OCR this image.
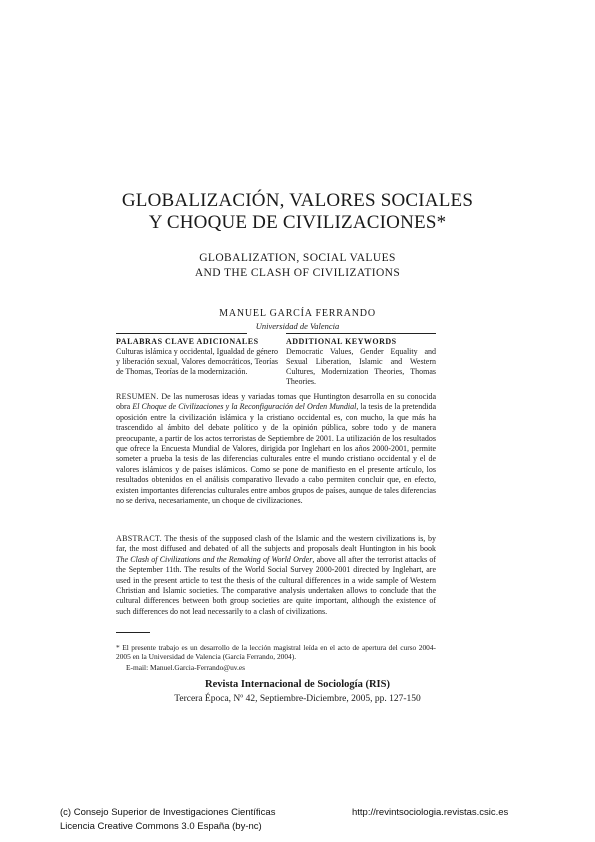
GLOBALIZACIÓN, VALORES SOCIALES
Y CHOQUE DE CIVILIZACIONES*
GLOBALIZATION, SOCIAL VALUES
AND THE CLASH OF CIVILIZATIONS
MANUEL GARCÍA FERRANDO
Universidad de Valencia
PALABRAS CLAVE ADICIONALES
Culturas islámica y occidental, Igualdad de género y liberación sexual, Valores democráticos, Teorías de Thomas, Teorías de la modernización.
ADDITIONAL KEYWORDS
Democratic Values, Gender Equality and Sexual Liberation, Islamic and Western Cultures, Modernization Theories, Thomas Theories.
RESUMEN. De las numerosas ideas y variadas tomas que Huntington desarrolla en su conocida obra El Choque de Civilizaciones y la Reconfiguración del Orden Mundial, la tesis de la pretendida oposición entre la civilización islámica y la cristiano occidental es, con mucho, la que más ha trascendido al ámbito del debate político y de la opinión pública, sobre todo y de manera preocupante, a partir de los actos terroristas de Septiembre de 2001. La utilización de los resultados que ofrece la Encuesta Mundial de Valores, dirigida por Inglehart en los años 2000-2001, permite someter a prueba la tesis de las diferencias culturales entre el mundo cristiano occidental y el de valores islámicos y de países islámicos. Como se pone de manifiesto en el presente artículo, los resultados obtenidos en el análisis comparativo llevado a cabo permiten concluir que, en efecto, existen importantes diferencias culturales entre ambos grupos de países, aunque de tales diferencias no se deriva, necesariamente, un choque de civilizaciones.
ABSTRACT. The thesis of the supposed clash of the Islamic and the western civilizations is, by far, the most diffused and debated of all the subjects and proposals dealt Huntington in his book The Clash of Civilizations and the Remaking of World Order, above all after the terrorist attacks of the September 11th. The results of the World Social Survey 2000-2001 directed by Inglehart, are used in the present article to test the thesis of the cultural differences in a wide sample of Western Christian and Islamic societies. The comparative analysis undertaken allows to conclude that the cultural differences between both group societies are quite important, although the existence of such differences do not lead necessarily to a clash of civilizations.
* El presente trabajo es un desarrollo de la lección magistral leída en el acto de apertura del curso 2004-2005 en la Universidad de Valencia (García Ferrando, 2004).
E-mail: Manuel.Garcia-Ferrando@uv.es
Revista Internacional de Sociología (RIS)
Tercera Época, Nº 42, Septiembre-Diciembre, 2005, pp. 127-150
(c) Consejo Superior de Investigaciones Científicas
Licencia Creative Commons 3.0 España (by-nc)
http://revintsociologia.revistas.csic.es
